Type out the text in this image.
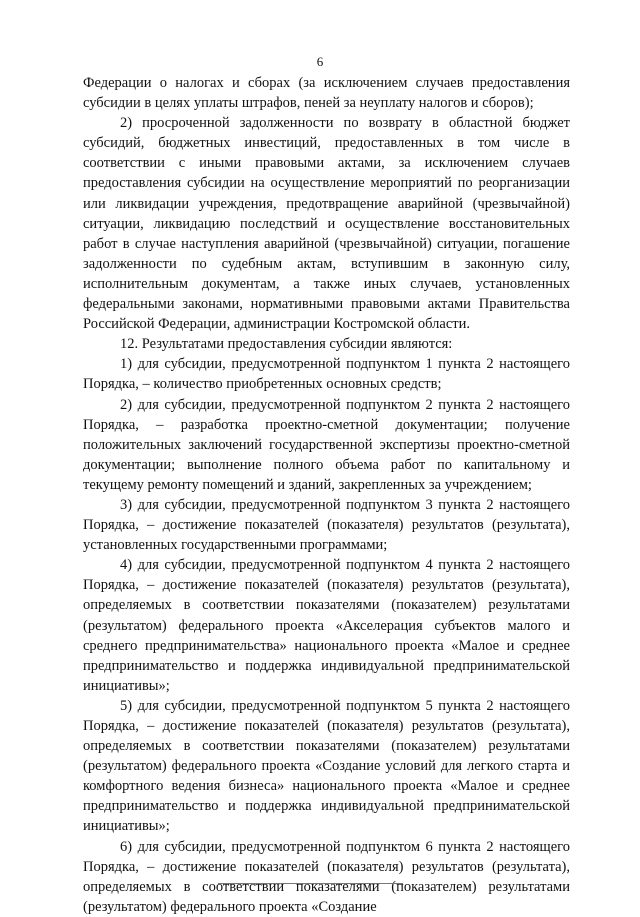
6

Федерации о налогах и сборах (за исключением случаев предоставления субсидии в целях уплаты штрафов, пеней за неуплату налогов и сборов);

2) просроченной задолженности по возврату в областной бюджет субсидий, бюджетных инвестиций, предоставленных в том числе в соответствии с иными правовыми актами, за исключением случаев предоставления субсидии на осуществление мероприятий по реорганизации или ликвидации учреждения, предотвращение аварийной (чрезвычайной) ситуации, ликвидацию последствий и осуществление восстановительных работ в случае наступления аварийной (чрезвычайной) ситуации, погашение задолженности по судебным актам, вступившим в законную силу, исполнительным документам, а также иных случаев, установленных федеральными законами, нормативными правовыми актами Правительства Российской Федерации, администрации Костромской области.

12. Результатами предоставления субсидии являются:

1) для субсидии, предусмотренной подпунктом 1 пункта 2 настоящего Порядка, – количество приобретенных основных средств;

2) для субсидии, предусмотренной подпунктом 2 пункта 2 настоящего Порядка, – разработка проектно-сметной документации; получение положительных заключений государственной экспертизы проектно-сметной документации; выполнение полного объема работ по капитальному и текущему ремонту помещений и зданий, закрепленных за учреждением;

3) для субсидии, предусмотренной подпунктом 3 пункта 2 настоящего Порядка, – достижение показателей (показателя) результатов (результата), установленных государственными программами;

4) для субсидии, предусмотренной подпунктом 4 пункта 2 настоящего Порядка, – достижение показателей (показателя) результатов (результата), определяемых в соответствии показателями (показателем) результатами (результатом) федерального проекта «Акселерация субъектов малого и среднего предпринимательства» национального проекта «Малое и среднее предпринимательство и поддержка индивидуальной предпринимательской инициативы»;

5) для субсидии, предусмотренной подпунктом 5 пункта 2 настоящего Порядка, – достижение показателей (показателя) результатов (результата), определяемых в соответствии показателями (показателем) результатами (результатом) федерального проекта «Создание условий для легкого старта и комфортного ведения бизнеса» национального проекта «Малое и среднее предпринимательство и поддержка индивидуальной предпринимательской инициативы»;

6) для субсидии, предусмотренной подпунктом 6 пункта 2 настоящего Порядка, – достижение показателей (показателя) результатов (результата), определяемых в соответствии показателями (показателем) результатами (результатом) федерального проекта «Создание
